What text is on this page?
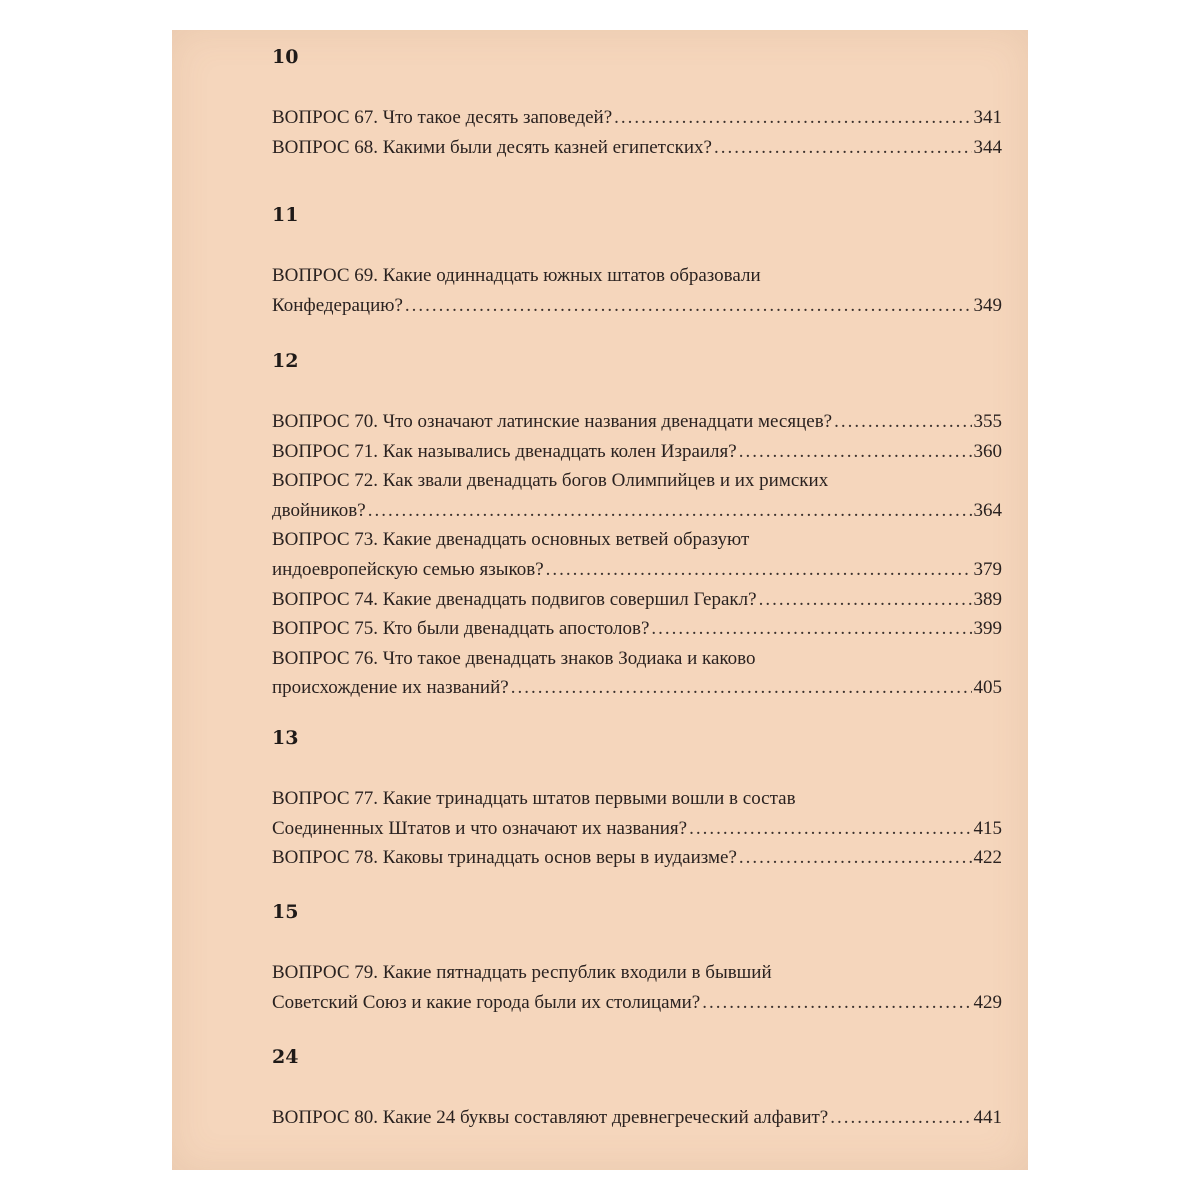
10
ВОПРОС 67. Что такое десять заповедей? .....	341
ВОПРОС 68. Какими были десять казней египетских? .....	344
11
ВОПРОС 69. Какие одиннадцать южных штатов образовали
Конфедерацию? .....	349
12
ВОПРОС 70. Что означают латинские названия двенадцати месяцев? .....	355
ВОПРОС 71. Как назывались двенадцать колен Израиля? .....	360
ВОПРОС 72. Как звали двенадцать богов Олимпийцев и их римских
двойников? .....	364
ВОПРОС 73. Какие двенадцать основных ветвей образуют
индоевропейскую семью языков? .....	379
ВОПРОС 74. Какие двенадцать подвигов совершил Геракл? .....	389
ВОПРОС 75. Кто были двенадцать апостолов? .....	399
ВОПРОС 76. Что такое двенадцать знаков Зодиака и каково
происхождение их названий? .....	405
13
ВОПРОС 77. Какие тринадцать штатов первыми вошли в состав
Соединенных Штатов и что означают их названия? .....	415
ВОПРОС 78. Каковы тринадцать основ веры в иудаизме? .....	422
15
ВОПРОС 79. Какие пятнадцать республик входили в бывший
Советский Союз и какие города были их столицами? .....	429
24
ВОПРОС 80. Какие 24 буквы составляют древнегреческий алфавит? .....	441
